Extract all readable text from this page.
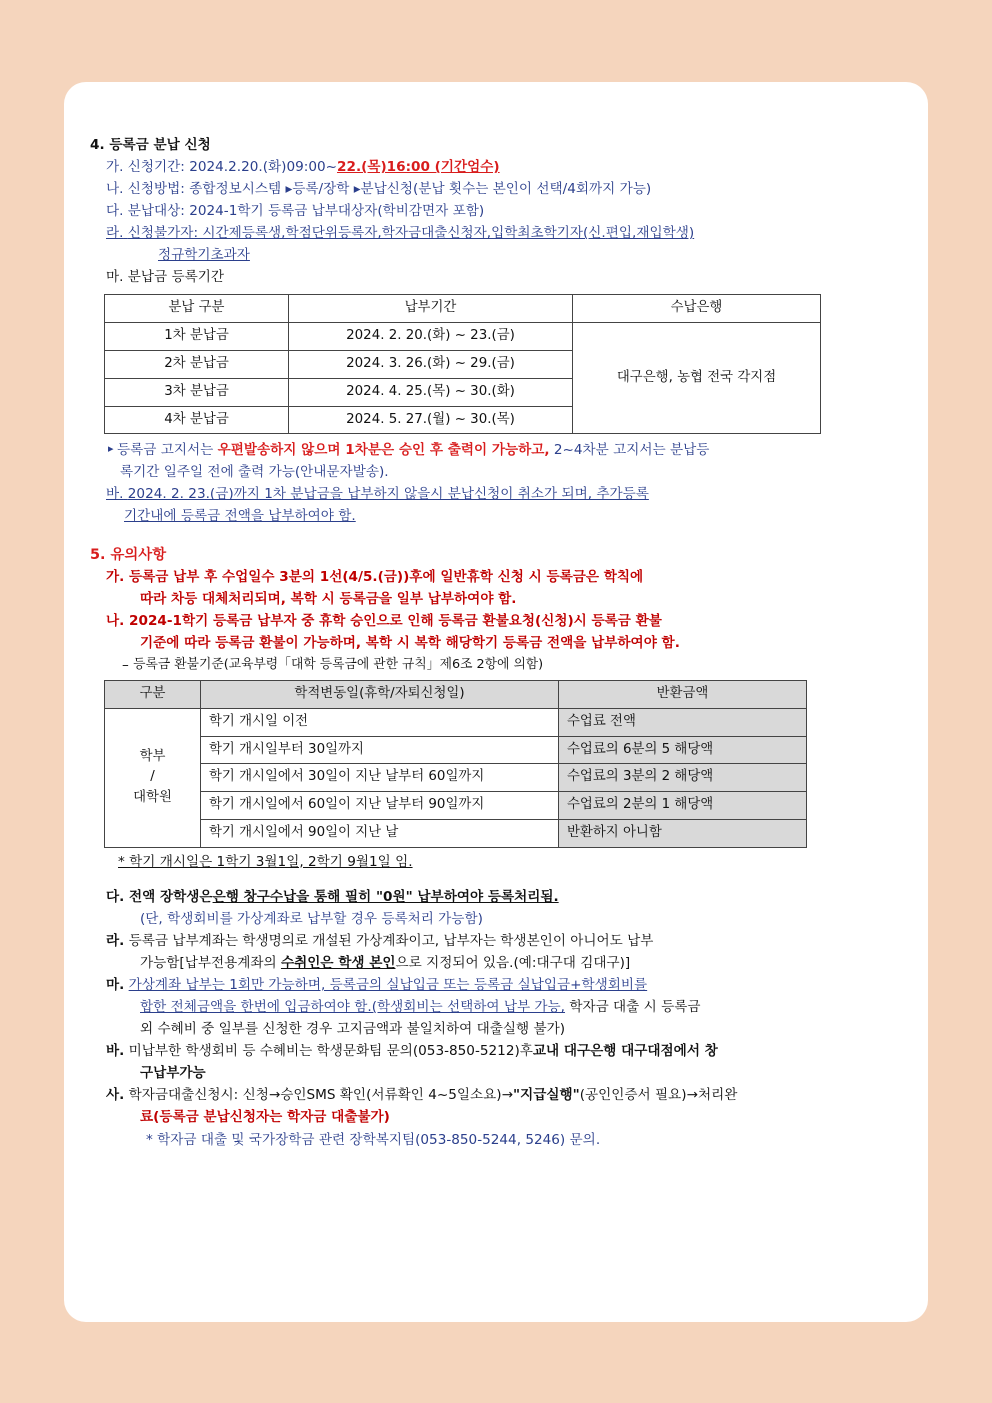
4.
등록금 분납 신청
가.
신청기간: 2024.2.20.(화)09:00~ 22.(목)16:00 (기간엄수)
나.
신청방법: 종합정보시스템 ▸등록/장학 ▸분납신청(분납 횟수는 본인이 선택/4회까지 가능)
다.
분납대상: 2024-1학기 등록금 납부대상자(학비감면자 포함)
라.
신청불가자: 시간제등록생,학점단위등록자,학자금대출신청자,입학최초학기자(신.편입,재입학생)
정규학기초과자
마.
분납금 등록기간
분납 구분	납부기간	수납은행
1차 분납금	2024. 2. 20.(화) ~ 23.(금)	대구은행, 농협 전국 각지점
2차 분납금	2024. 3. 26.(화) ~ 29.(금)	
3차 분납금	2024. 4. 25.(목) ~ 30.(화)	
4차 분납금	2024. 5. 27.(월) ~ 30.(목)	
▸ 등록금 고지서는 우편발송하지 않으며 1차분은 승인 후 출력이 가능하고, 2~4차분 고지서는 분납등
록기간 일주일 전에 출력 가능(안내문자발송).
바.
2024. 2. 23.(금)까지 1차 분납금을 납부하지 않을시 분납신청이 취소가 되며, 추가등록
기간내에 등록금 전액을 납부하여야 함.
5.
유의사항
가.
등록금 납부 후 수업일수 3분의 1선(4/5.(금))후에 일반휴학 신청 시 등록금은 학칙에
따라 차등 대체처리되며, 복학 시 등록금을 일부 납부하여야 함.
나.
2024-1학기 등록금 납부자 중 휴학 승인으로 인해 등록금 환불요청(신청)시 등록금 환불
기준에 따라 등록금 환불이 가능하며, 복학 시 복학 해당학기 등록금 전액을 납부하여야 함.
– 등록금 환불기준(교육부령「대학 등록금에 관한 규칙」제6조 2항에 의함)
구분	학적변동일(휴학/자퇴신청일)	반환금액

학부
/
대학원	학기 개시일 이전	수업료 전액
	학기 개시일부터 30일까지	수업료의 6분의 5 해당액
	학기 개시일에서 30일이 지난 날부터 60일까지	수업료의 3분의 2 해당액
	학기 개시일에서 60일이 지난 날부터 90일까지	수업료의 2분의 1 해당액
	학기 개시일에서 90일이 지난 날	반환하지 아니함
* 학기 개시일은 1학기 3월1일, 2학기 9월1일 임.
다.
전액 장학생은 은행 창구수납을 통해 필히 "0원" 납부하여야 등록처리됨.
(단, 학생회비를 가상계좌로 납부할 경우 등록처리 가능함)
라.
등록금 납부계좌는 학생명의로 개설된 가상계좌이고, 납부자는 학생본인이 아니어도 납부
가능함[납부전용계좌의 수취인은 학생 본인으로 지정되어 있음.(예:대구대 김대구)]
마.
가상계좌 납부는 1회만 가능하며, 등록금의 실납입금 또는 등록금 실납입금+학생회비를
합한 전체금액을 한번에 입금하여야 함.(학생회비는 선택하여 납부 가능, 학자금 대출 시 등록금
외 수혜비 중 일부를 신청한 경우 고지금액과 불일치하여 대출실행 불가)
바.
미납부한 학생회비 등 수혜비는 학생문화팀 문의(053-850-5212)후 교내 대구은행 대구대점에서 창
구납부가능
사.
학자금대출신청시: 신청→승인SMS 확인(서류확인 4~5일소요)→ "지급실행" (공인인증서 필요)→처리완
료(등록금 분납신청자는 학자금 대출불가)
* 학자금 대출 및 국가장학금 관련 장학복지팀(053-850-5244, 5246) 문의.
